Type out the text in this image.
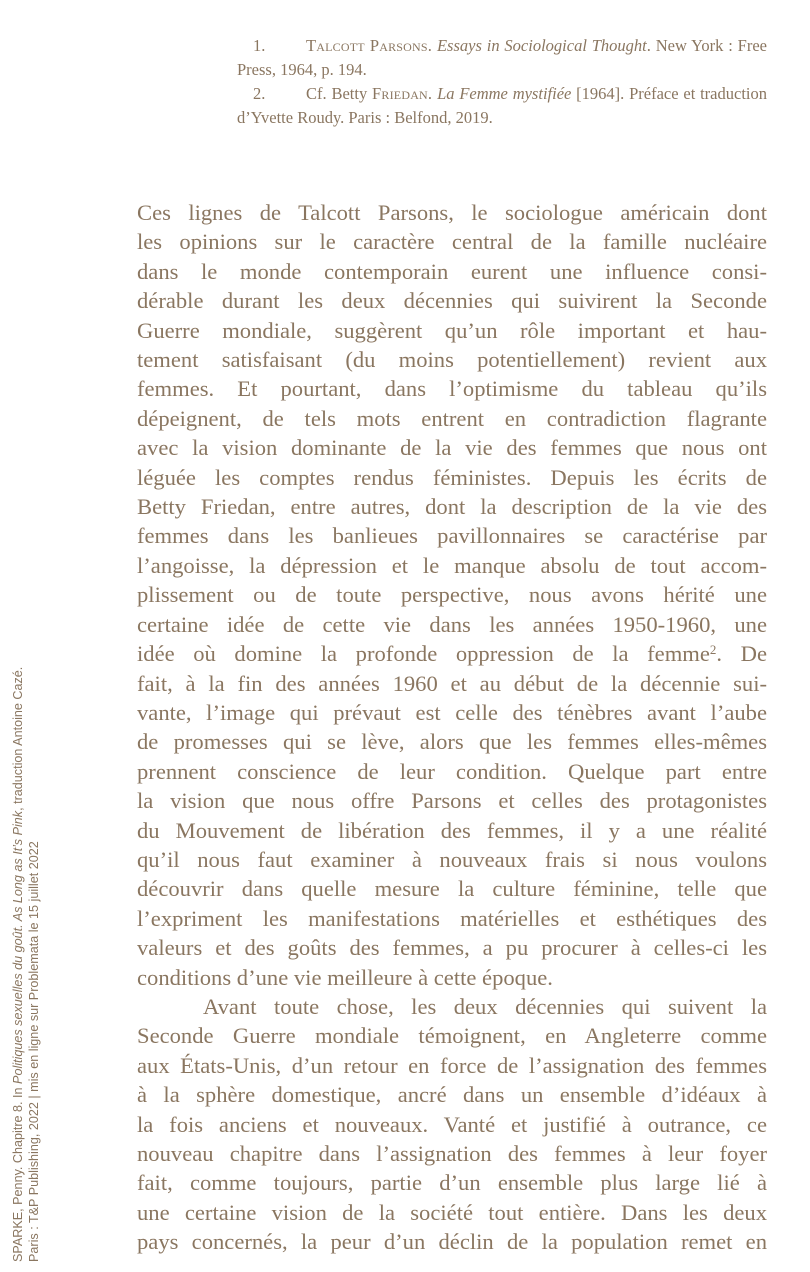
1. Talcott Parsons. Essays in Sociological Thought. New York : Free Press, 1964, p. 194.

2. Cf. Betty Friedan. La Femme mystifiée [1964]. Préface et traduction d’Yvette Roudy. Paris : Belfond, 2019.

Ces lignes de Talcott Parsons, le sociologue américain dont
les opinions sur le caractère central de la famille nucléaire
dans le monde contemporain eurent une influence consi-
dérable durant les deux décennies qui suivirent la Seconde
Guerre mondiale, suggèrent qu’un rôle important et hau-
tement satisfaisant (du moins potentiellement) revient aux
femmes. Et pourtant, dans l’optimisme du tableau qu’ils
dépeignent, de tels mots entrent en contradiction flagrante
avec la vision dominante de la vie des femmes que nous ont
léguée les comptes rendus féministes. Depuis les écrits de
Betty Friedan, entre autres, dont la description de la vie des
femmes dans les banlieues pavillonnaires se caractérise par
l’angoisse, la dépression et le manque absolu de tout accom-
plissement ou de toute perspective, nous avons hérité une
certaine idée de cette vie dans les années 1950-1960, une
idée où domine la profonde oppression de la femme$^2$. De
fait, à la fin des années 1960 et au début de la décennie sui-
vante, l’image qui prévaut est celle des ténèbres avant l’aube
de promesses qui se lève, alors que les femmes elles-mêmes
prennent conscience de leur condition. Quelque part entre
la vision que nous offre Parsons et celles des protagonistes
du Mouvement de libération des femmes, il y a une réalité
qu’il nous faut examiner à nouveaux frais si nous voulons
découvrir dans quelle mesure la culture féminine, telle que
l’expriment les manifestations matérielles et esthétiques des
valeurs et des goûts des femmes, a pu procurer à celles-ci les
conditions d’une vie meilleure à cette époque.

Avant toute chose, les deux décennies qui suivent la
Seconde Guerre mondiale témoignent, en Angleterre comme
aux États-Unis, d’un retour en force de l’assignation des femmes
à la sphère domestique, ancré dans un ensemble d’idéaux à
la fois anciens et nouveaux. Vanté et justifié à outrance, ce
nouveau chapitre dans l’assignation des femmes à leur foyer
fait, comme toujours, partie d’un ensemble plus large lié à
une certaine vision de la société tout entière. Dans les deux
pays concernés, la peur d’un déclin de la population remet en

SPARKE, Penny. Chapitre 8. In Politiques sexuelles du goût. As Long as It’s Pink, traduction Antoine Cazé.
Paris : T&P Publishing, 2022 | mis en ligne sur Problemata le 15 juillet 2022
